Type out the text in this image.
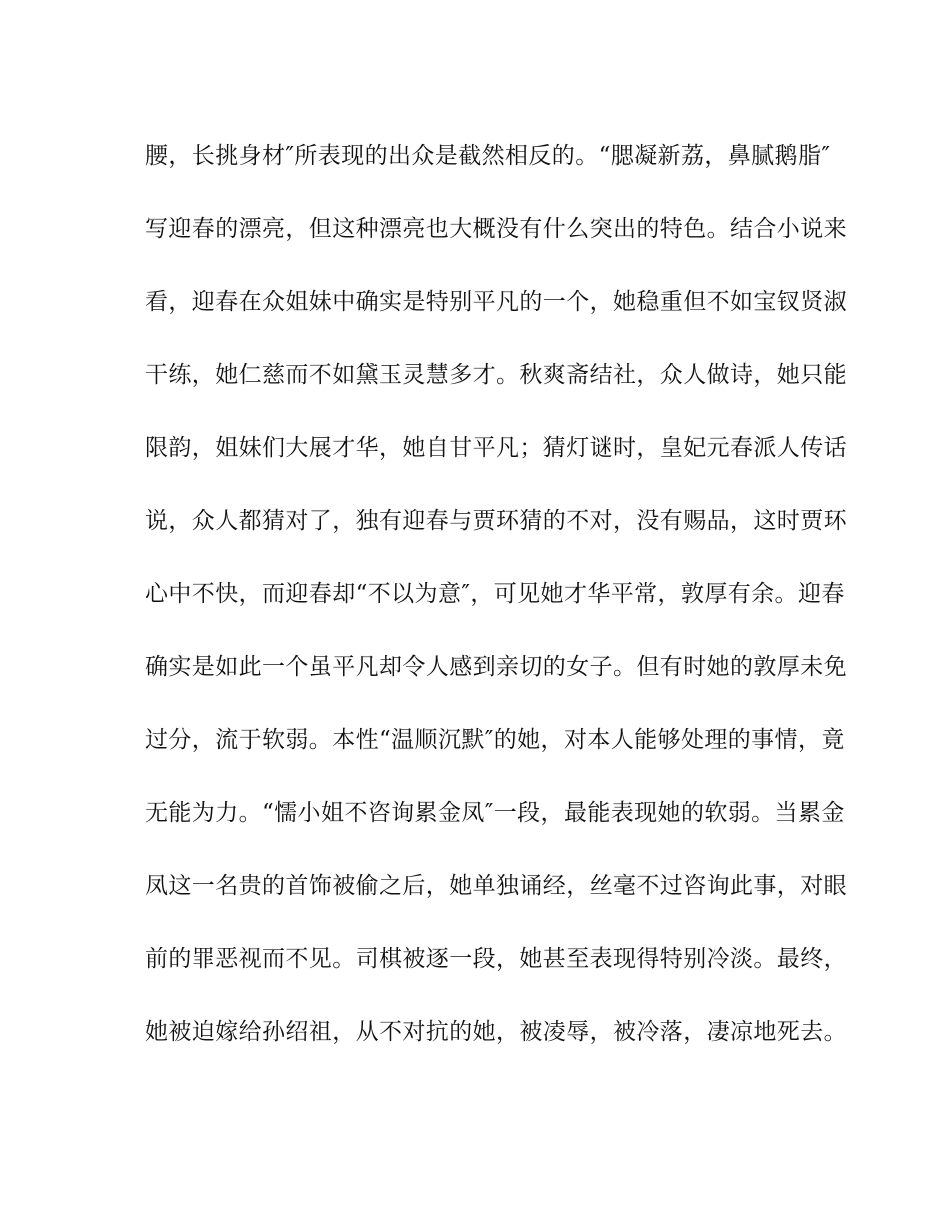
腰，长挑身材″所表现的出众是截然相反的。“腮凝新荔，鼻腻鹅脂″
写迎春的漂亮，但这种漂亮也大概没有什么突出的特色。结合小说来
看，迎春在众姐妹中确实是特别平凡的一个，她稳重但不如宝钗贤淑
干练，她仁慈而不如黛玉灵慧多才。秋爽斋结社，众人做诗，她只能
限韵，姐妹们大展才华，她自甘平凡；猜灯谜时，皇妃元春派人传话
说，众人都猜对了，独有迎春与贾环猜的不对，没有赐品，这时贾环
心中不快，而迎春却“不以为意″，可见她才华平常，敦厚有余。迎春
确实是如此一个虽平凡却令人感到亲切的女子。但有时她的敦厚未免
过分，流于软弱。本性“温顺沉默″的她，对本人能够处理的事情，竟
无能为力。“懦小姐不咨询累金凤″一段，最能表现她的软弱。当累金
凤这一名贵的首饰被偷之后，她单独诵经，丝毫不过咨询此事，对眼
前的罪恶视而不见。司棋被逐一段，她甚至表现得特别冷淡。最终，
她被迫嫁给孙绍祖，从不对抗的她，被凌辱，被冷落，凄凉地死去。
